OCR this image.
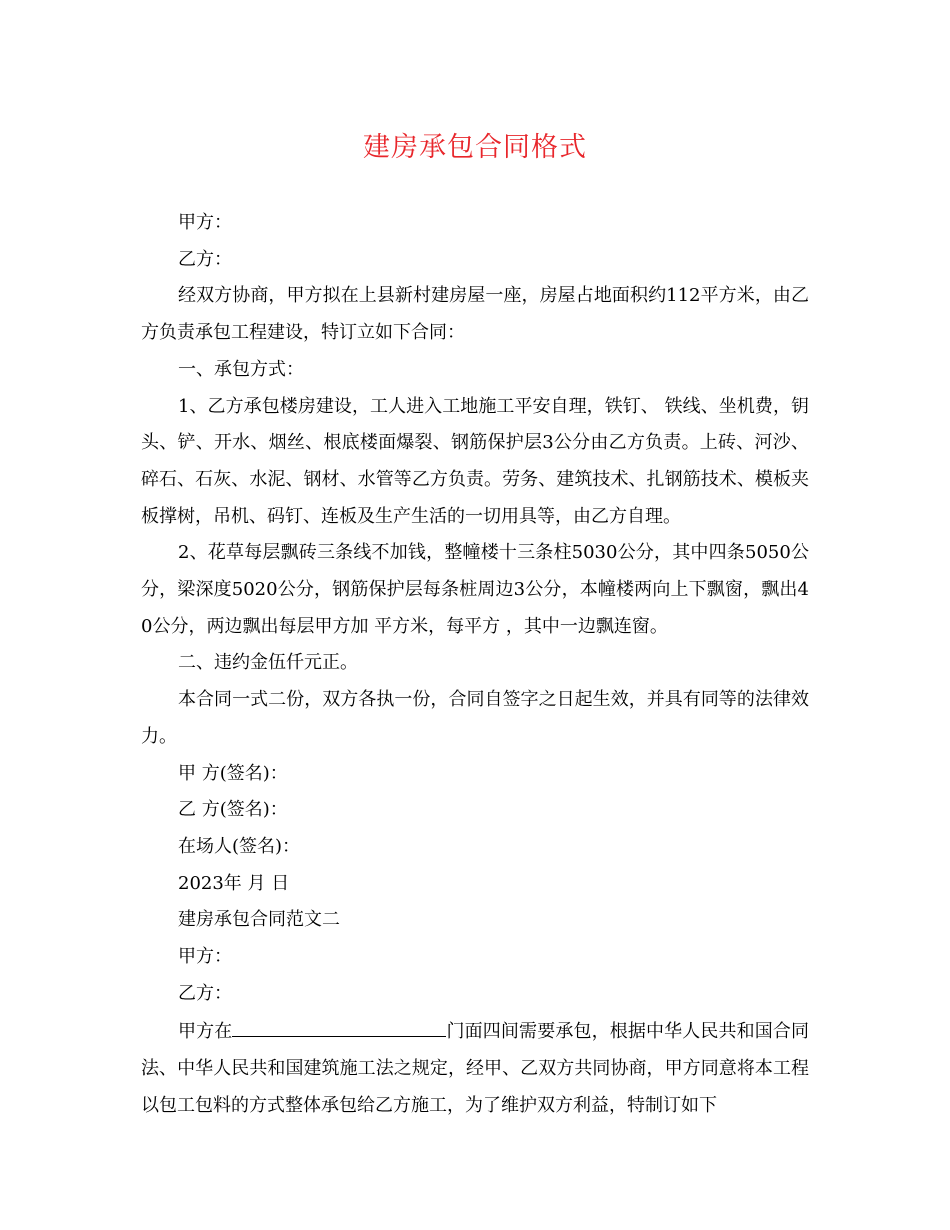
建房承包合同格式

甲方：

乙方：

经双方协商，甲方拟在上县新村建房屋一座，房屋占地面积约112平方米，由乙方负责承包工程建设，特订立如下合同：

一、承包方式：

1、乙方承包楼房建设，工人进入工地施工平安自理，铁钉、 铁线、坐机费，钥头、铲、开水、烟丝、根底楼面爆裂、钢筋保护层3公分由乙方负责。上砖、河沙、碎石、石灰、水泥、钢材、水管等乙方负责。劳务、建筑技术、扎钢筋技术、模板夹板撑树，吊机、码钉、连板及生产生活的一切用具等，由乙方自理。

2、花草每层飘砖三条线不加钱，整幢楼十三条柱5030公分，其中四条5050公分，梁深度5020公分，钢筋保护层每条桩周边3公分，本幢楼两向上下飘窗，飘出40公分，两边飘出每层甲方加 平方米，每平方 ，其中一边飘连窗。

二、违约金伍仟元正。

本合同一式二份，双方各执一份，合同自签字之日起生效，并具有同等的法律效力。

甲 方(签名)：

乙 方(签名)：

在场人(签名)：

2023年 月 日

建房承包合同范文二

甲方：

乙方：

甲方在	门面四间需要承包，根据中华人民共和国合同法、中华人民共和国建筑施工法之规定，经甲、乙双方共同协商，甲方同意将本工程以包工包料的方式整体承包给乙方施工，为了维护双方利益，特制订如下
